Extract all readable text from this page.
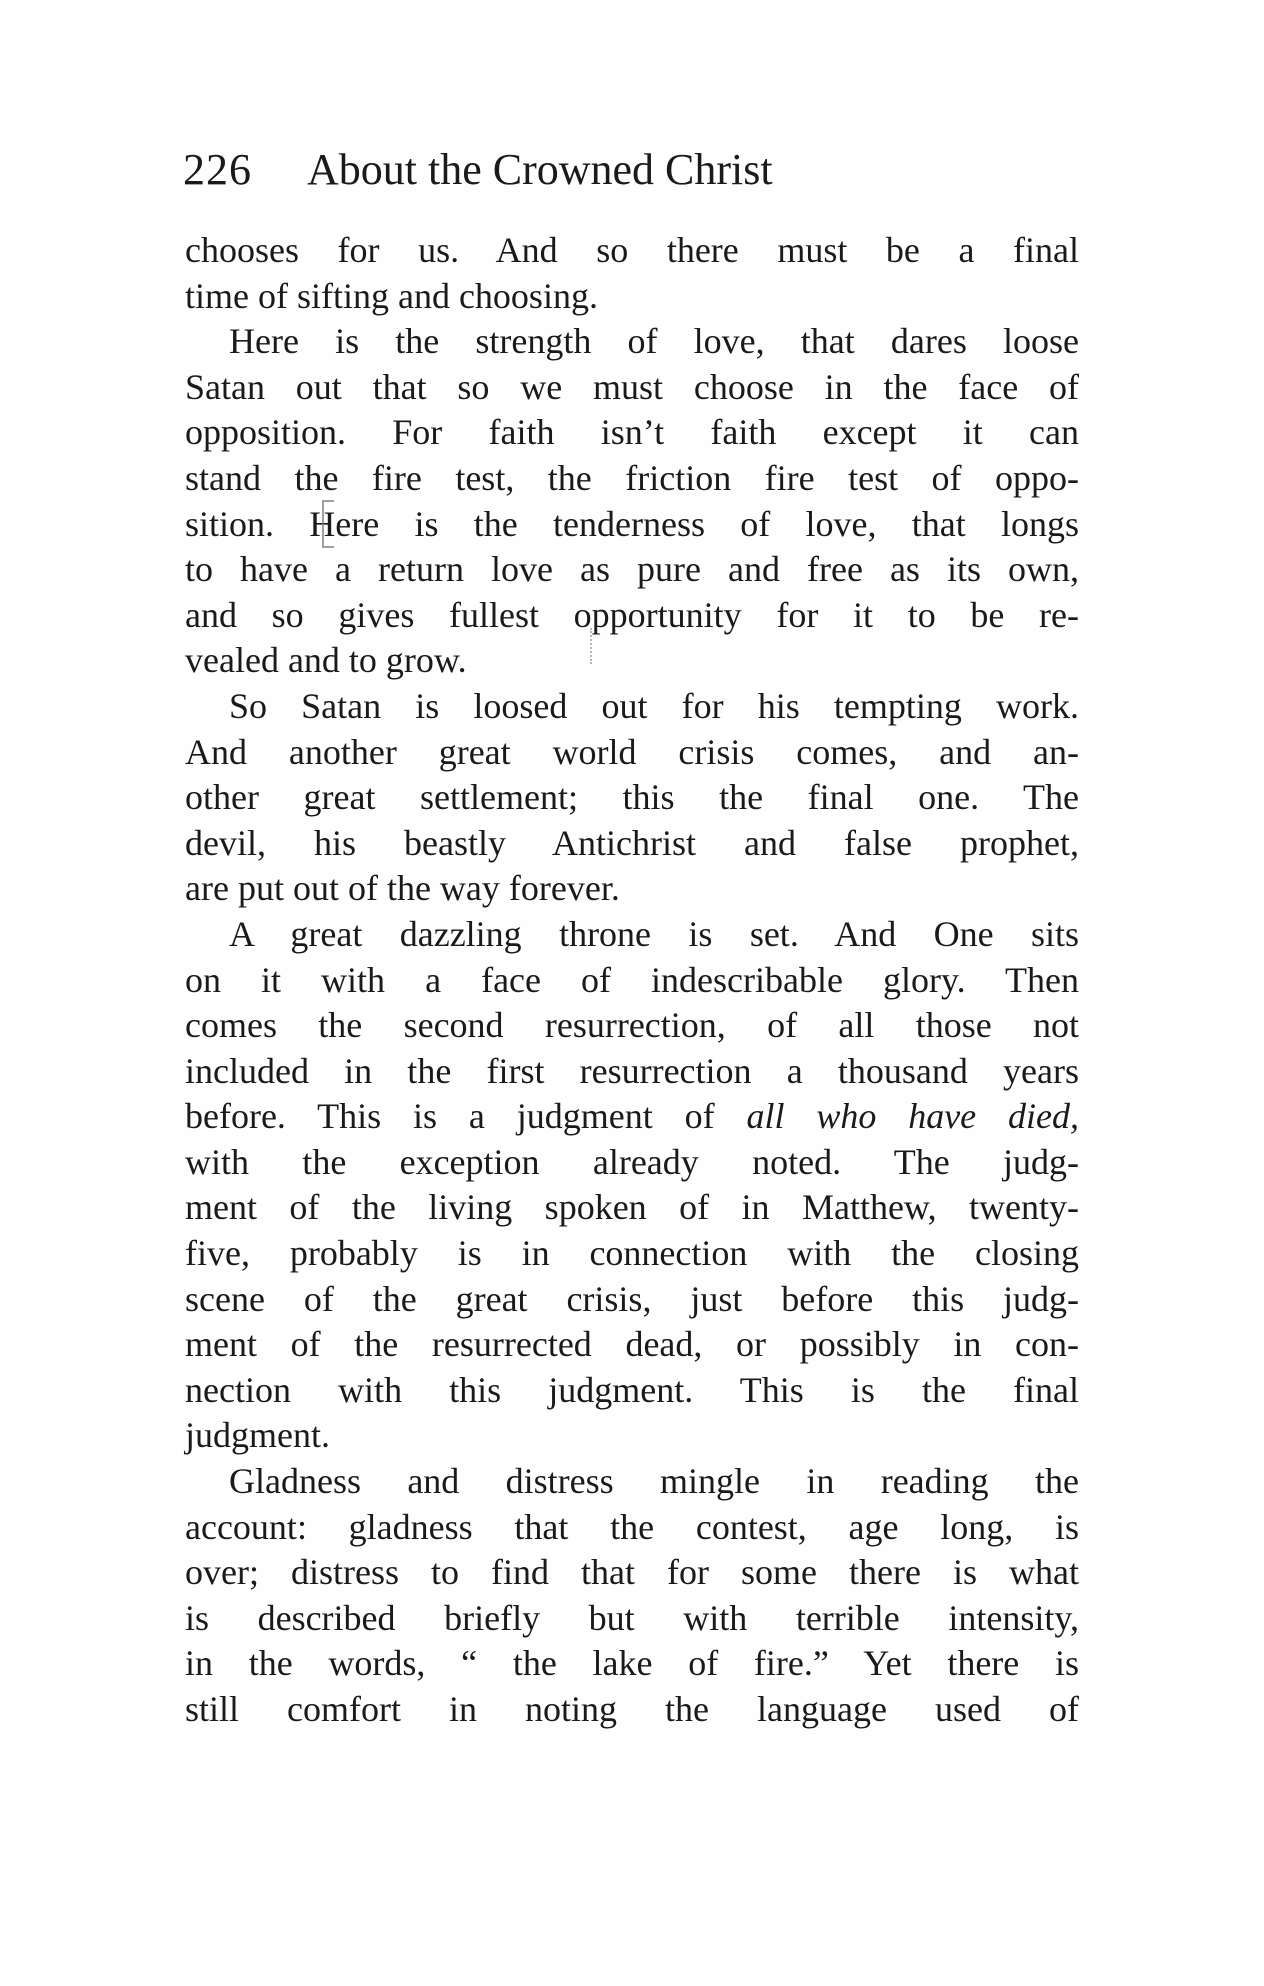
226 About the Crowned Christ
chooses for us. And so there must be a final
time of sifting and choosing.
Here is the strength of love, that dares loose
Satan out that so we must choose in the face of
opposition. For faith isn’t faith except it can
stand the fire test, the friction fire test of oppo-
sition. Here is the tenderness of love, that longs
to have a return love as pure and free as its own,
and so gives fullest opportunity for it to be re-
vealed and to grow.
So Satan is loosed out for his tempting work.
And another great world crisis comes, and an-
other great settlement; this the final one. The
devil, his beastly Antichrist and false prophet,
are put out of the way forever.
A great dazzling throne is set. And One sits
on it with a face of indescribable glory. Then
comes the second resurrection, of all those not
included in the first resurrection a thousand years
before. This is a judgment of all who have died,
with the exception already noted. The judg-
ment of the living spoken of in Matthew, twenty-
five, probably is in connection with the closing
scene of the great crisis, just before this judg-
ment of the resurrected dead, or possibly in con-
nection with this judgment. This is the final
judgment.
Gladness and distress mingle in reading the
account: gladness that the contest, age long, is
over; distress to find that for some there is what
is described briefly but with terrible intensity,
in the words, “ the lake of fire.” Yet there is
still comfort in noting the language used of
